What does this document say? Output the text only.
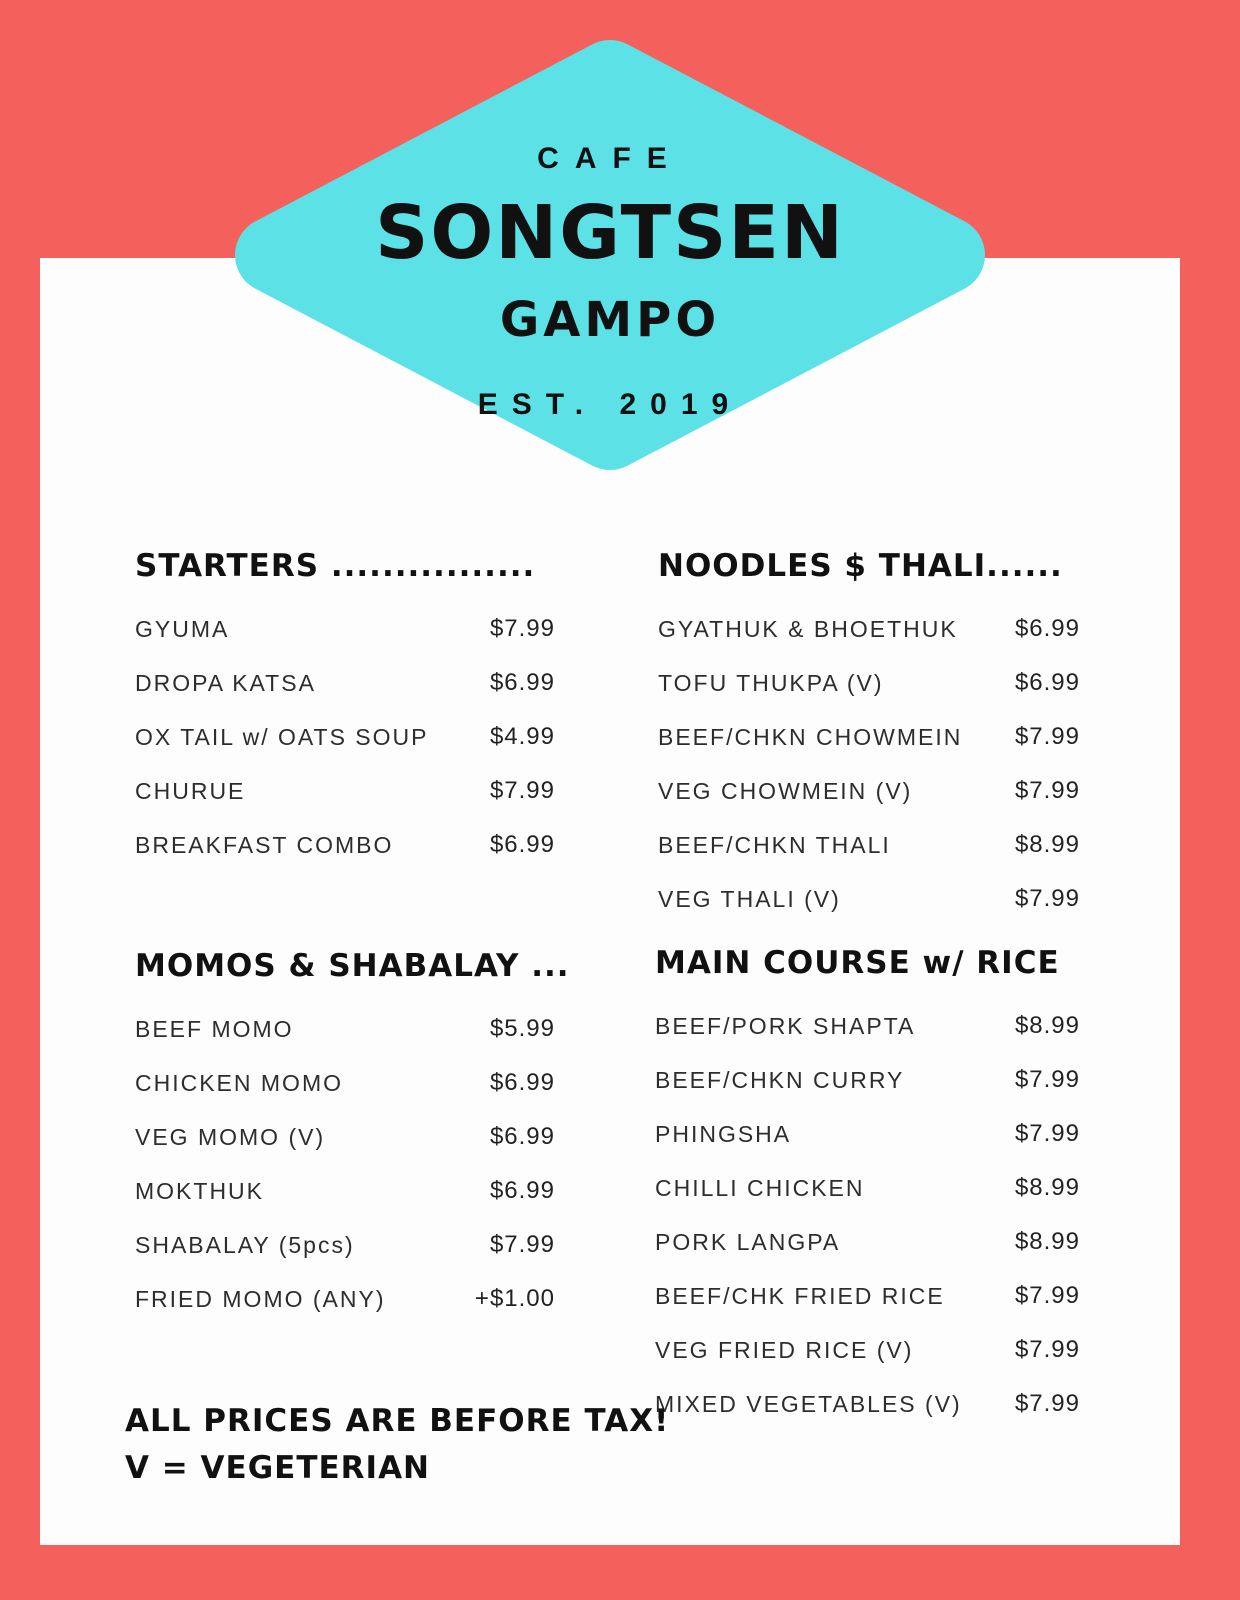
CAFE
SONGTSEN
GAMPO
EST. 2019
STARTERS ................
GYUMA	$7.99
DROPA KATSA	$6.99
OX TAIL w/ OATS SOUP	$4.99
CHURUE	$7.99
BREAKFAST COMBO	$6.99
NOODLES $ THALI......
GYATHUK & BHOETHUK $6.99
TOFU THUKPA (V)	$6.99
BEEF/CHKN CHOWMEIN $7.99
VEG CHOWMEIN (V)	$7.99
BEEF/CHKN THALI	$8.99
VEG THALI (V)	$7.99
MOMOS & SHABALAY ...
BEEF MOMO	$5.99
CHICKEN MOMO	$6.99
VEG MOMO (V)	$6.99
MOKTHUK	$6.99
SHABALAY (5pcs)	$7.99
FRIED MOMO (ANY)	+$1.00
MAIN COURSE w/ RICE
BEEF/PORK SHAPTA	$8.99
BEEF/CHKN CURRY	$7.99
PHINGSHA	$7.99
CHILLI CHICKEN	$8.99
PORK LANGPA	$8.99
BEEF/CHK FRIED RICE	$7.99
VEG FRIED RICE (V)	$7.99
MIXED VEGETABLES (V) $7.99
ALL PRICES ARE BEFORE TAX!
V = VEGETERIAN
